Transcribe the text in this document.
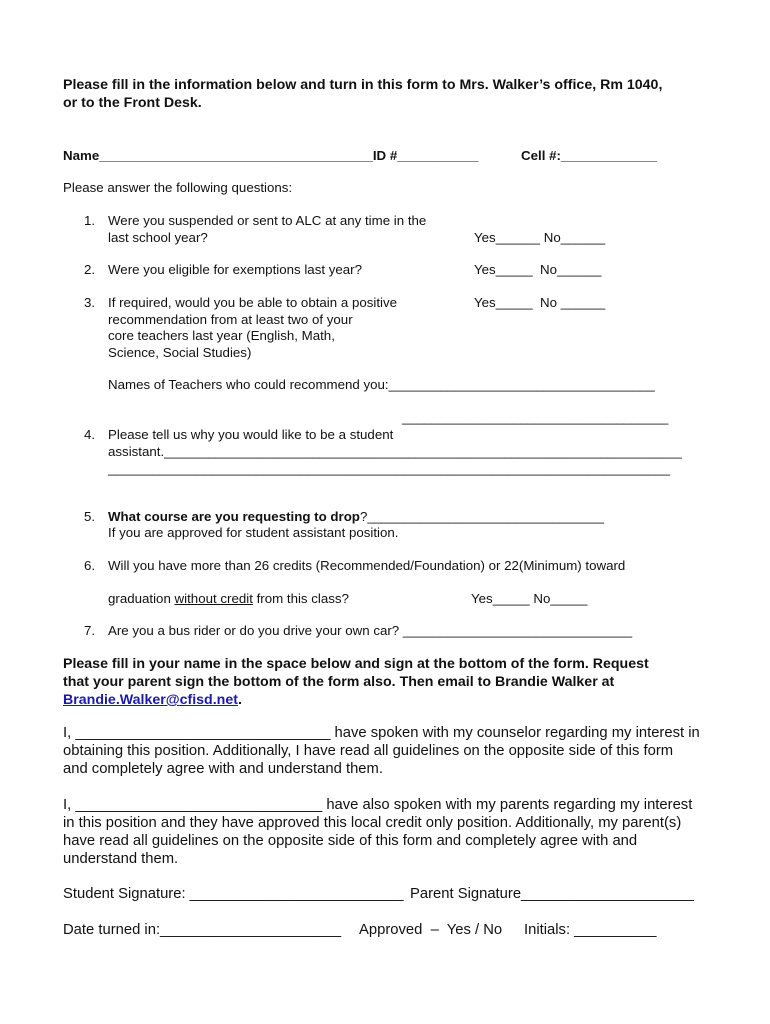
Please fill in the information below and turn in this form to Mrs. Walker’s office, Rm 1040,
or to the Front Desk.
Name_____________________________________ID #___________	Cell #:_____________
Please answer the following questions:
1. Were you suspended or sent to ALC at any time in the
last school year?	Yes______ No______
2. Were you eligible for exemptions last year?	Yes_____  No______
3. If required, would you be able to obtain a positive
recommendation from at least two of your
core teachers last year (English, Math,
Science, Social Studies)
Yes_____  No ______
Names of Teachers who could recommend you:____________________________________
____________________________________
4. Please tell us why you would like to be a student
assistant.______________________________________________________________________
____________________________________________________________________________
5. What course are you requesting to drop?________________________________
If you are approved for student assistant position.
6. Will you have more than 26 credits (Recommended/Foundation) or 22(Minimum) toward
graduation without credit from this class?	Yes_____ No_____
7. Are you a bus rider or do you drive your own car? _______________________________
Please fill in your name in the space below and sign at the bottom of the form. Request
that your parent sign the bottom of the form also. Then email to Brandie Walker at
Brandie.Walker@cfisd.net.
I, _______________________________ have spoken with my counselor regarding my interest in
obtaining this position. Additionally, I have read all guidelines on the opposite side of this form
and completely agree with and understand them.
I, ______________________________ have also spoken with my parents regarding my interest
in this position and they have approved this local credit only position. Additionally, my parent(s)
have read all guidelines on the opposite side of this form and completely agree with and
understand them.
Student Signature: __________________________ Parent Signature_____________________
Date turned in:______________________ Approved  –  Yes / No Initials: __________
